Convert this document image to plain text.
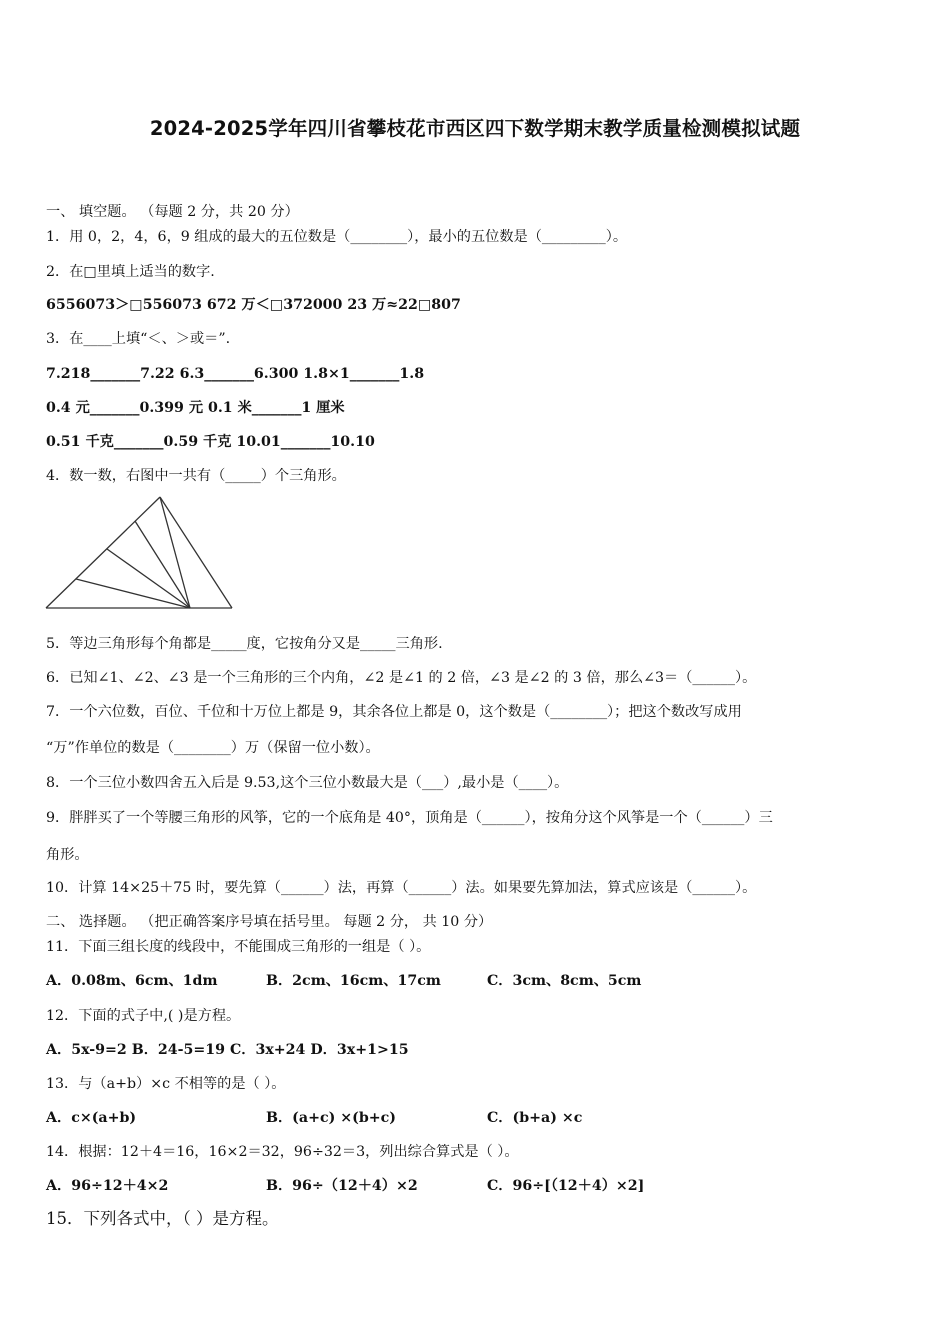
2024-2025学年四川省攀枝花市西区四下数学期末教学质量检测模拟试题
一、 填空题。 （每题 2 分，共 20 分）
1．用 0，2，4，6，9 组成的最大的五位数是（________），最小的五位数是（_________）。
2．在□里填上适当的数字.
6556073＞□556073 672 万＜□372000 23 万≈22□807
3．在____上填“＜、＞或＝”.
7.218_______7.22 6.3_______6.300 1.8×1_______1.8
0.4 元_______0.399 元 0.1 米_______1 厘米
0.51 千克_______0.59 千克 10.01_______10.10
4．数一数，右图中一共有（_____）个三角形。
5．等边三角形每个角都是_____度，它按角分又是_____三角形.
6．已知∠1、∠2、∠3 是一个三角形的三个内角，∠2 是∠1 的 2 倍，∠3 是∠2 的 3 倍，那么∠3＝（______）。
7．一个六位数，百位、千位和十万位上都是 9，其余各位上都是 0，这个数是（________）；把这个数改写成用
“万”作单位的数是（________）万（保留一位小数）。
8．一个三位小数四舍五入后是 9.53,这个三位小数最大是（___）,最小是（____）。
9．胖胖买了一个等腰三角形的风筝，它的一个底角是 40°，顶角是（______），按角分这个风筝是一个（______）三
角形。
10．计算 14×25＋75 时，要先算（______）法，再算（______）法。如果要先算加法，算式应该是（______）。
二、 选择题。 （把正确答案序号填在括号里。 每题 2 分， 共 10 分）
11．下面三组长度的线段中，不能围成三角形的一组是（ ）。
A．0.08m、6cm、1dm	B．2cm、16cm、17cm	C．3cm、8cm、5cm
12．下面的式子中,( )是方程。
A．5x-9=2 B．24-5=19 C．3x+24 D．3x+1>15
13．与（a+b）×c 不相等的是（ ）。
A．c×(a+b)	B．(a+c) ×(b+c)	C．(b+a) ×c
14．根据：12＋4＝16，16×2＝32，96÷32＝3，列出综合算式是（ ）。
A．96÷12＋4×2	B．96÷（12＋4）×2	C．96÷[（12＋4）×2]
15．下列各式中，（ ）是方程。
